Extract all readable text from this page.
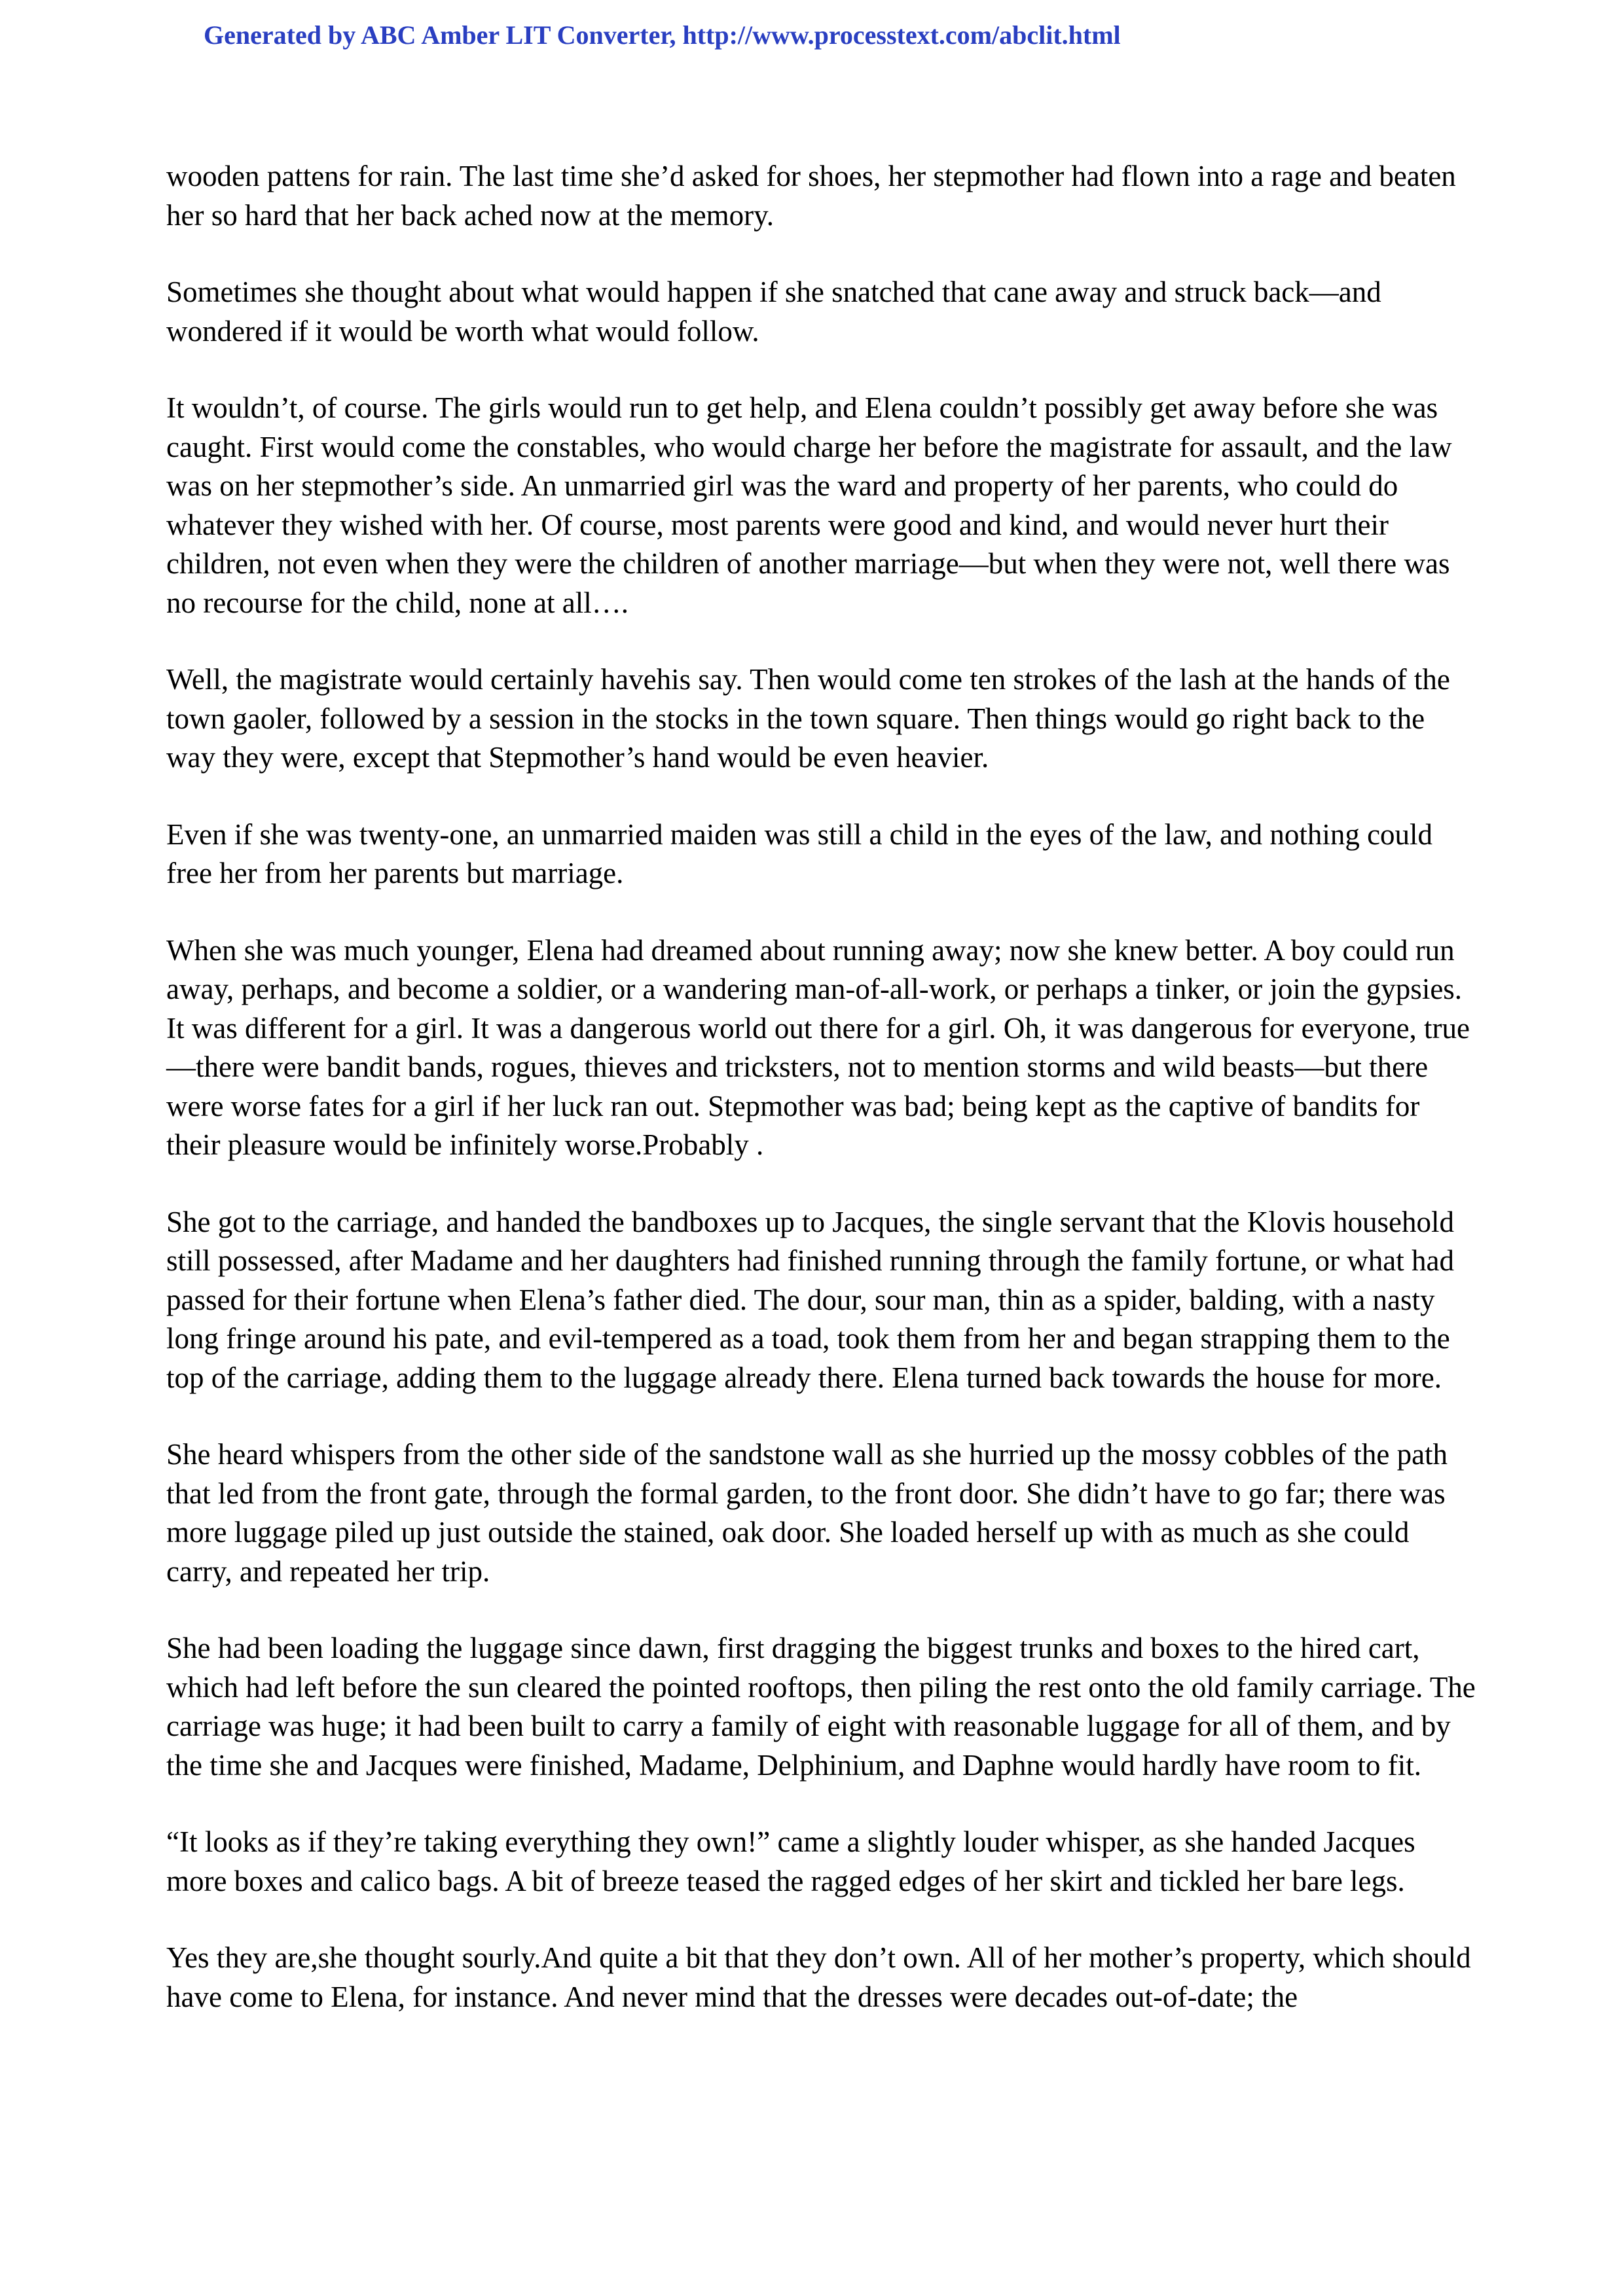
Generated by ABC Amber LIT Converter, http://www.processtext.com/abclit.html

wooden pattens for rain. The last time she’d asked for shoes, her stepmother had flown into a rage and beaten her so hard that her back ached now at the memory.

Sometimes she thought about what would happen if she snatched that cane away and struck back—and wondered if it would be worth what would follow.

It wouldn’t, of course. The girls would run to get help, and Elena couldn’t possibly get away before she was caught. First would come the constables, who would charge her before the magistrate for assault, and the law was on her stepmother’s side. An unmarried girl was the ward and property of her parents, who could do whatever they wished with her. Of course, most parents were good and kind, and would never hurt their children, not even when they were the children of another marriage—but when they were not, well there was no recourse for the child, none at all….

Well, the magistrate would certainly havehis say. Then would come ten strokes of the lash at the hands of the town gaoler, followed by a session in the stocks in the town square. Then things would go right back to the way they were, except that Stepmother’s hand would be even heavier.

Even if she was twenty-one, an unmarried maiden was still a child in the eyes of the law, and nothing could free her from her parents but marriage.

When she was much younger, Elena had dreamed about running away; now she knew better. A boy could run away, perhaps, and become a soldier, or a wandering man-of-all-work, or perhaps a tinker, or join the gypsies. It was different for a girl. It was a dangerous world out there for a girl. Oh, it was dangerous for everyone, true—there were bandit bands, rogues, thieves and tricksters, not to mention storms and wild beasts—but there were worse fates for a girl if her luck ran out. Stepmother was bad; being kept as the captive of bandits for their pleasure would be infinitely worse.Probably .

She got to the carriage, and handed the bandboxes up to Jacques, the single servant that the Klovis household still possessed, after Madame and her daughters had finished running through the family fortune, or what had passed for their fortune when Elena’s father died. The dour, sour man, thin as a spider, balding, with a nasty long fringe around his pate, and evil-tempered as a toad, took them from her and began strapping them to the top of the carriage, adding them to the luggage already there. Elena turned back towards the house for more.

She heard whispers from the other side of the sandstone wall as she hurried up the mossy cobbles of the path that led from the front gate, through the formal garden, to the front door. She didn’t have to go far; there was more luggage piled up just outside the stained, oak door. She loaded herself up with as much as she could carry, and repeated her trip.

She had been loading the luggage since dawn, first dragging the biggest trunks and boxes to the hired cart, which had left before the sun cleared the pointed rooftops, then piling the rest onto the old family carriage. The carriage was huge; it had been built to carry a family of eight with reasonable luggage for all of them, and by the time she and Jacques were finished, Madame, Delphinium, and Daphne would hardly have room to fit.

“It looks as if they’re taking everything they own!” came a slightly louder whisper, as she handed Jacques more boxes and calico bags. A bit of breeze teased the ragged edges of her skirt and tickled her bare legs.

Yes they are,she thought sourly.And quite a bit that they don’t own. All of her mother’s property, which should have come to Elena, for instance. And never mind that the dresses were decades out-of-date; the
